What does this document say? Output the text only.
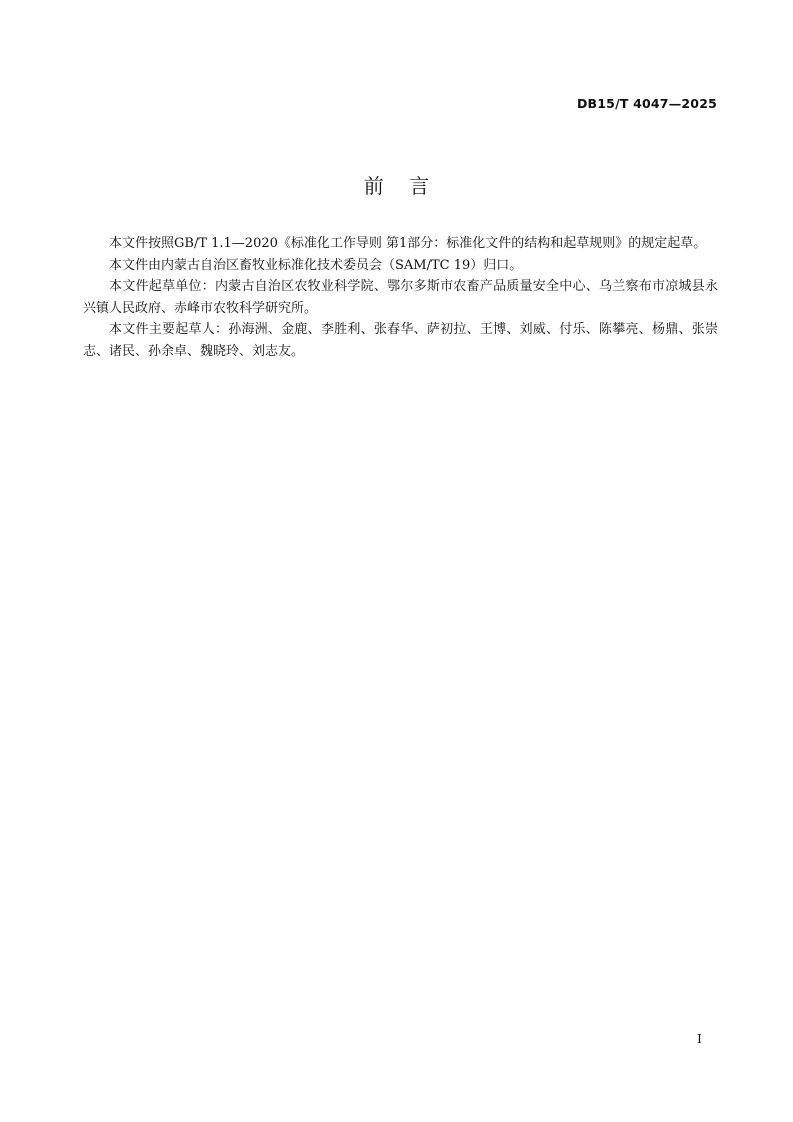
DB15/T 4047—2025
前    言

本文件按照GB/T 1.1—2020《标准化工作导则 第1部分：标准化文件的结构和起草规则》的规定起草。

本文件由内蒙古自治区畜牧业标准化技术委员会（SAM/TC 19）归口。

本文件起草单位：内蒙古自治区农牧业科学院、鄂尔多斯市农畜产品质量安全中心、乌兰察布市凉城县永兴镇人民政府、赤峰市农牧科学研究所。

本文件主要起草人：孙海洲、金鹿、李胜利、张春华、萨初拉、王博、刘威、付乐、陈攀亮、杨鼎、张崇志、诸民、孙余卓、魏晓玲、刘志友。

I
